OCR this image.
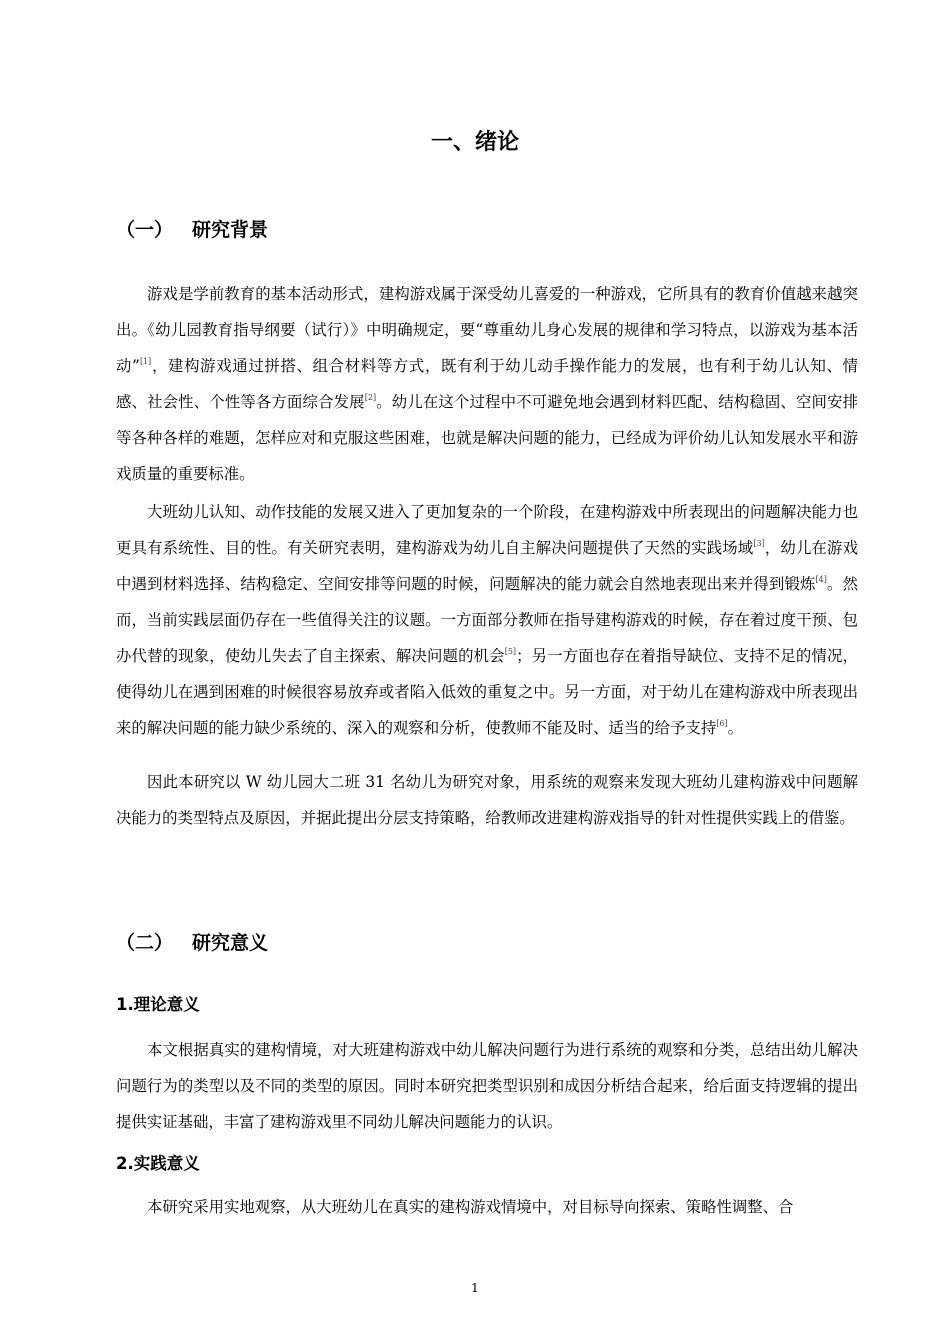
一、绪论
（一） 研究背景

游戏是学前教育的基本活动形式，建构游戏属于深受幼儿喜爱的一种游戏，它所具有的教育价值越来越突出。《幼儿园教育指导纲要（试行）》中明确规定，要“尊重幼儿身心发展的规律和学习特点，以游戏为基本活动”[1]，建构游戏通过拼搭、组合材料等方式，既有利于幼儿动手操作能力的发展，也有利于幼儿认知、情感、社会性、个性等各方面综合发展[2]。幼儿在这个过程中不可避免地会遇到材料匹配、结构稳固、空间安排等各种各样的难题，怎样应对和克服这些困难，也就是解决问题的能力，已经成为评价幼儿认知发展水平和游戏质量的重要标准。

大班幼儿认知、动作技能的发展又进入了更加复杂的一个阶段，在建构游戏中所表现出的问题解决能力也更具有系统性、目的性。有关研究表明，建构游戏为幼儿自主解决问题提供了天然的实践场域[3]，幼儿在游戏中遇到材料选择、结构稳定、空间安排等问题的时候，问题解决的能力就会自然地表现出来并得到锻炼[4]。然而，当前实践层面仍存在一些值得关注的议题。一方面部分教师在指导建构游戏的时候，存在着过度干预、包办代替的现象，使幼儿失去了自主探索、解决问题的机会[5]；另一方面也存在着指导缺位、支持不足的情况，使得幼儿在遇到困难的时候很容易放弃或者陷入低效的重复之中。另一方面，对于幼儿在建构游戏中所表现出来的解决问题的能力缺少系统的、深入的观察和分析，使教师不能及时、适当的给予支持[6]。

因此本研究以 W 幼儿园大二班 31 名幼儿为研究对象，用系统的观察来发现大班幼儿建构游戏中问题解决能力的类型特点及原因，并据此提出分层支持策略，给教师改进建构游戏指导的针对性提供实践上的借鉴。

（二） 研究意义
1.理论意义

本文根据真实的建构情境，对大班建构游戏中幼儿解决问题行为进行系统的观察和分类，总结出幼儿解决问题行为的类型以及不同的类型的原因。同时本研究把类型识别和成因分析结合起来，给后面支持逻辑的提出提供实证基础，丰富了建构游戏里不同幼儿解决问题能力的认识。

2.实践意义

本研究采用实地观察，从大班幼儿在真实的建构游戏情境中，对目标导向探索、策略性调整、合

1
